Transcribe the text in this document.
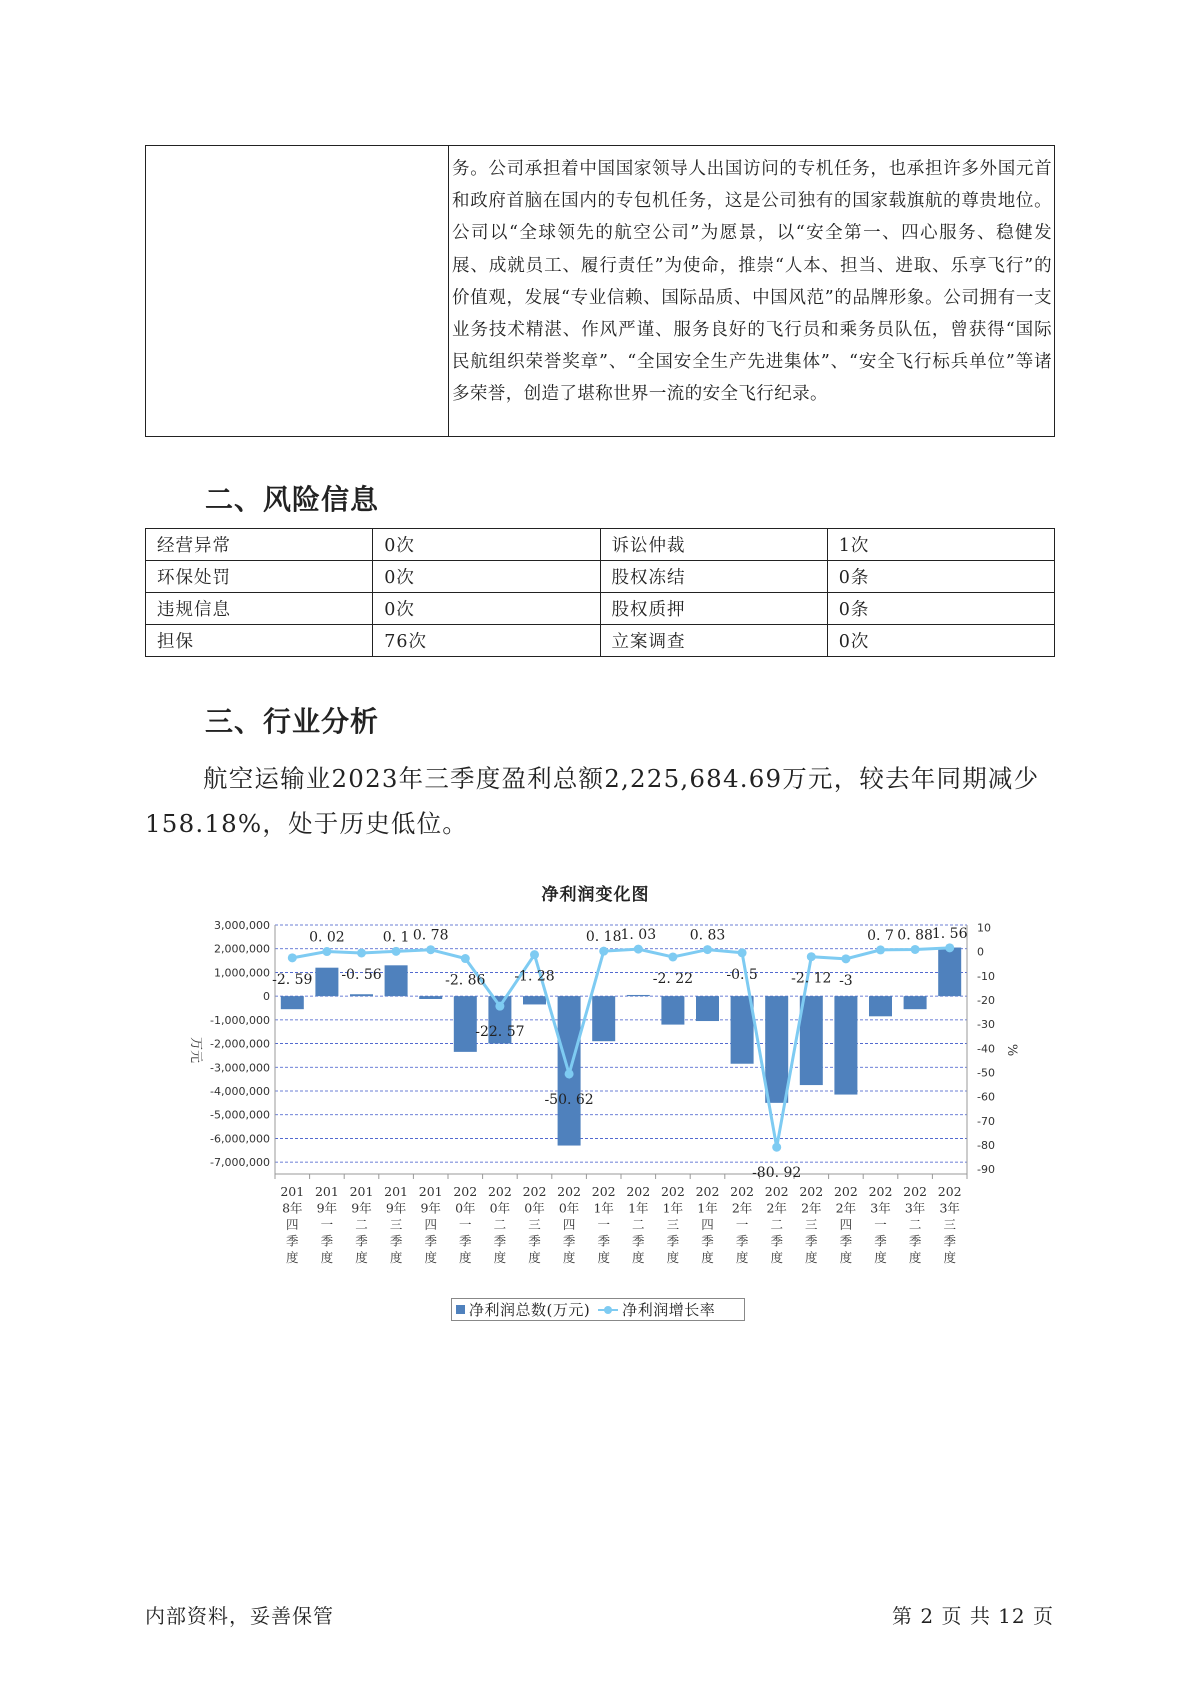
务。公司承担着中国国家领导人出国访问的专机任务，也承担许多外国元首和政府首脑在国内的专包机任务，这是公司独有的国家载旗航的尊贵地位。公司以“全球领先的航空公司”为愿景，以“安全第一、四心服务、稳健发展、成就员工、履行责任”为使命，推崇“人本、担当、进取、乐享飞行”的价值观，发展“专业信赖、国际品质、中国风范”的品牌形象。公司拥有一支业务技术精湛、作风严谨、服务良好的飞行员和乘务员队伍，曾获得“国际民航组织荣誉奖章”、“全国安全生产先进集体”、“安全飞行标兵单位”等诸多荣誉，创造了堪称世界一流的安全飞行纪录。

二、风险信息
经营异常	0次	诉讼仲裁	1次
环保处罚	0次	股权冻结	0条
违规信息	0次	股权质押	0条
担保	76次	立案调查	0次
三、行业分析

航空运输业2023年三季度盈利总额2,225,684.69万元，较去年同期减少158.18%，处于历史低位。

净利润变化图
3,000,000
2,000,000
1,000,000
0
-1,000,000
-2,000,000
-3,000,000
-4,000,000
-5,000,000
-6,000,000
-7,000,000
10
0
-10
-20
-30
-40
-50
-60
-70
-80
-90
万元	%
-2. 59
0. 02
-0. 56
0. 1 0. 78
-2. 86
-22. 57
-1. 28
-50. 62
0. 18
1. 03
-2. 22
0. 83
-0. 5
-80. 92
-2. 12 -3
0. 7 0. 88
1. 56
201
8年
四
季
度
201
9年
一
季
度
201
9年
二
季
度
201
9年
三
季
度
201
9年
四
季
度
202
0年
一
季
度
202
0年
二
季
度
202
0年
三
季
度
202
0年
四
季
度
202
1年
一
季
度
202
1年
二
季
度
202
1年
三
季
度
202
1年
四
季
度
202
2年
一
季
度
202
2年
二
季
度
202
2年
三
季
度
202
2年
四
季
度
202
3年
一
季
度
202
3年
二
季
度
202
3年
三
季
度
净利润总数(万元) 净利润增长率
内部资料，妥善保管	第 2 页 共 12 页
